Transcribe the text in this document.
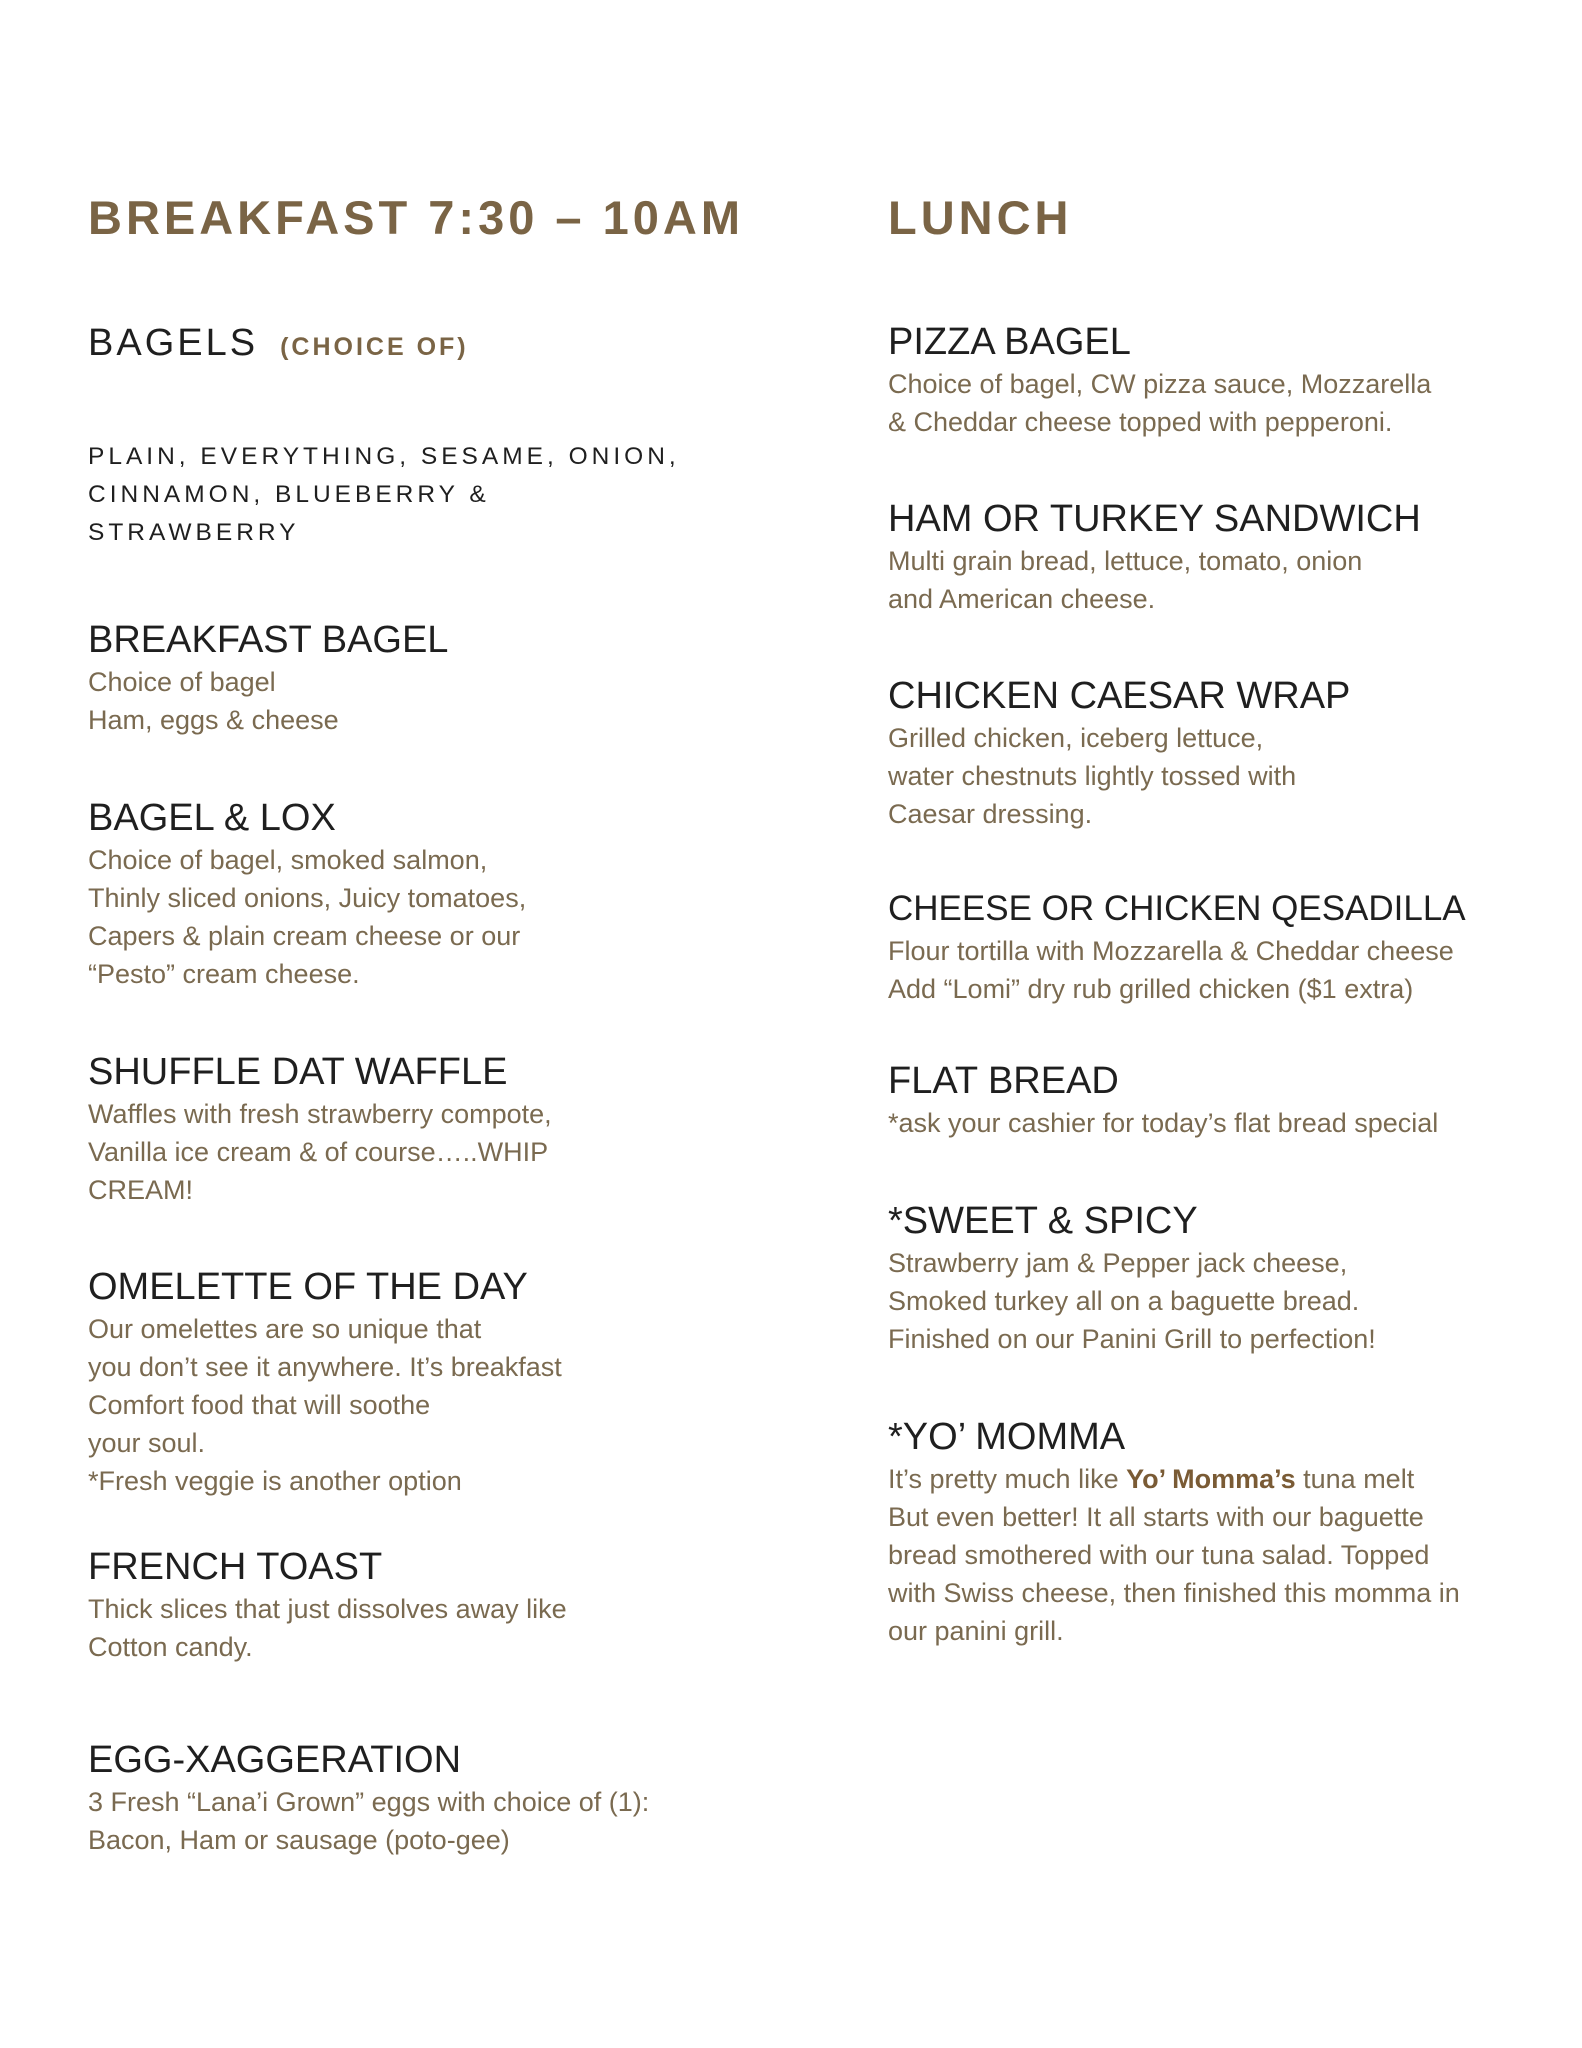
BREAKFAST 7:30 – 10AM
BAGELS (CHOICE OF)
PLAIN, EVERYTHING, SESAME, ONION,
CINNAMON, BLUEBERRY &
STRAWBERRY
BREAKFAST BAGEL
Choice of bagel
Ham, eggs & cheese
BAGEL & LOX
Choice of bagel, smoked salmon,
Thinly sliced onions, Juicy tomatoes,
Capers & plain cream cheese or our
“Pesto” cream cheese.
SHUFFLE DAT WAFFLE
Waffles with fresh strawberry compote,
Vanilla ice cream & of course…..WHIP
CREAM!
OMELETTE OF THE DAY
Our omelettes are so unique that
you don’t see it anywhere. It’s breakfast
Comfort food that will soothe
your soul.
*Fresh veggie is another option
FRENCH TOAST
Thick slices that just dissolves away like
Cotton candy.
EGG-XAGGERATION
3 Fresh “Lana’i Grown” eggs with choice of (1):
Bacon, Ham or sausage (poto-gee)
LUNCH
PIZZA BAGEL
Choice of bagel, CW pizza sauce, Mozzarella
& Cheddar cheese topped with pepperoni.
HAM OR TURKEY SANDWICH
Multi grain bread, lettuce, tomato, onion
and American cheese.
CHICKEN CAESAR WRAP
Grilled chicken, iceberg lettuce,
water chestnuts lightly tossed with
Caesar dressing.
CHEESE OR CHICKEN QESADILLA
Flour tortilla with Mozzarella & Cheddar cheese
Add “Lomi” dry rub grilled chicken ($1 extra)
FLAT BREAD
*ask your cashier for today’s flat bread special
*SWEET & SPICY
Strawberry jam & Pepper jack cheese,
Smoked turkey all on a baguette bread.
Finished on our Panini Grill to perfection!
*YO’ MOMMA
It’s pretty much like Yo’ Momma’s tuna melt
But even better! It all starts with our baguette
bread smothered with our tuna salad. Topped
with Swiss cheese, then finished this momma in
our panini grill.
